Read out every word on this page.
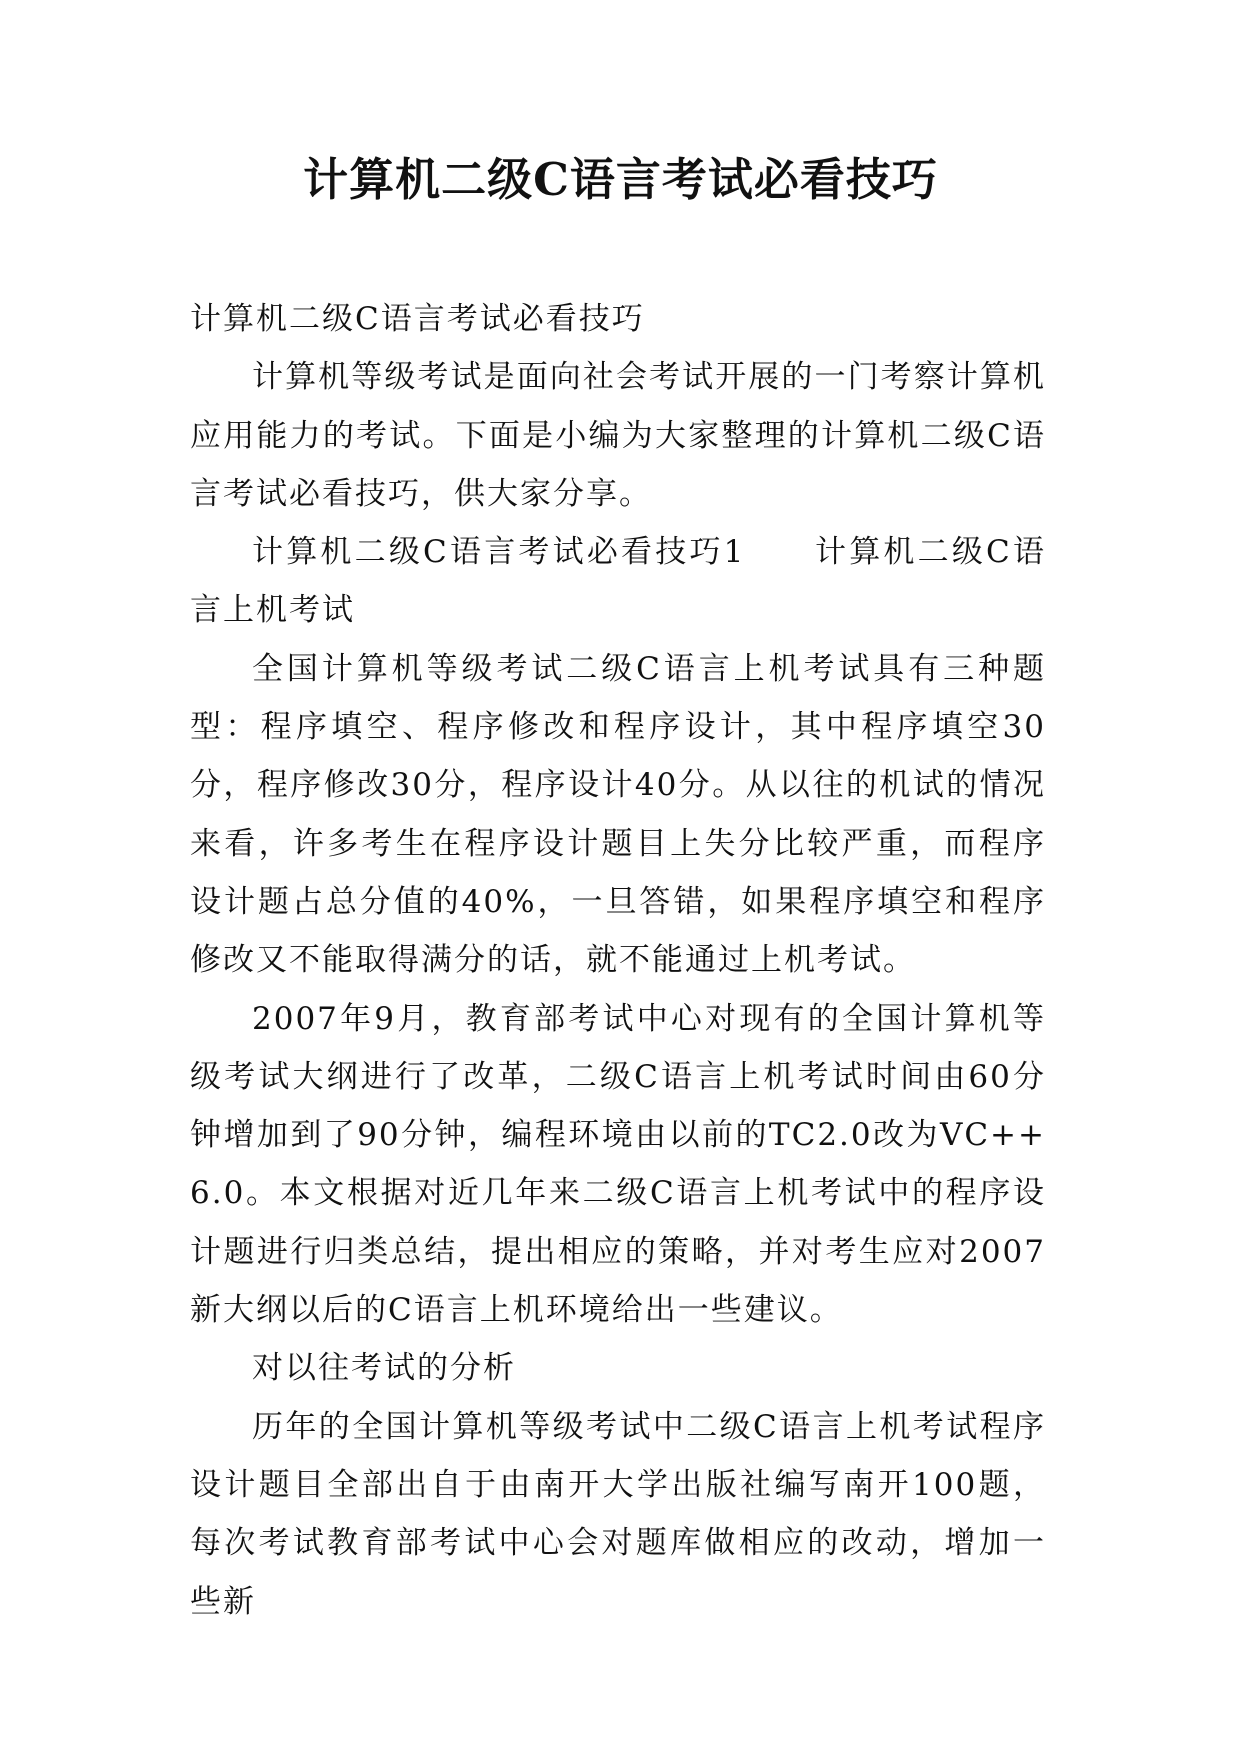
计算机二级C语言考试必看技巧

计算机二级C语言考试必看技巧

计算机等级考试是面向社会考试开展的一门考察计算机应用能力的考试。下面是小编为大家整理的计算机二级C语言考试必看技巧，供大家分享。

计算机二级C语言考试必看技巧1　　计算机二级C语言上机考试

全国计算机等级考试二级C语言上机考试具有三种题型：程序填空、程序修改和程序设计，其中程序填空30分，程序修改30分，程序设计40分。从以往的机试的情况来看，许多考生在程序设计题目上失分比较严重，而程序设计题占总分值的40%，一旦答错，如果程序填空和程序修改又不能取得满分的话，就不能通过上机考试。

2007年9月，教育部考试中心对现有的全国计算机等级考试大纲进行了改革，二级C语言上机考试时间由60分钟增加到了90分钟，编程环境由以前的TC2.0改为VC++6.0。本文根据对近几年来二级C语言上机考试中的程序设计题进行归类总结，提出相应的策略，并对考生应对2007新大纲以后的C语言上机环境给出一些建议。

对以往考试的分析

历年的全国计算机等级考试中二级C语言上机考试程序设计题目全部出自于由南开大学出版社编写南开100题，每次考试教育部考试中心会对题库做相应的改动，增加一些新
